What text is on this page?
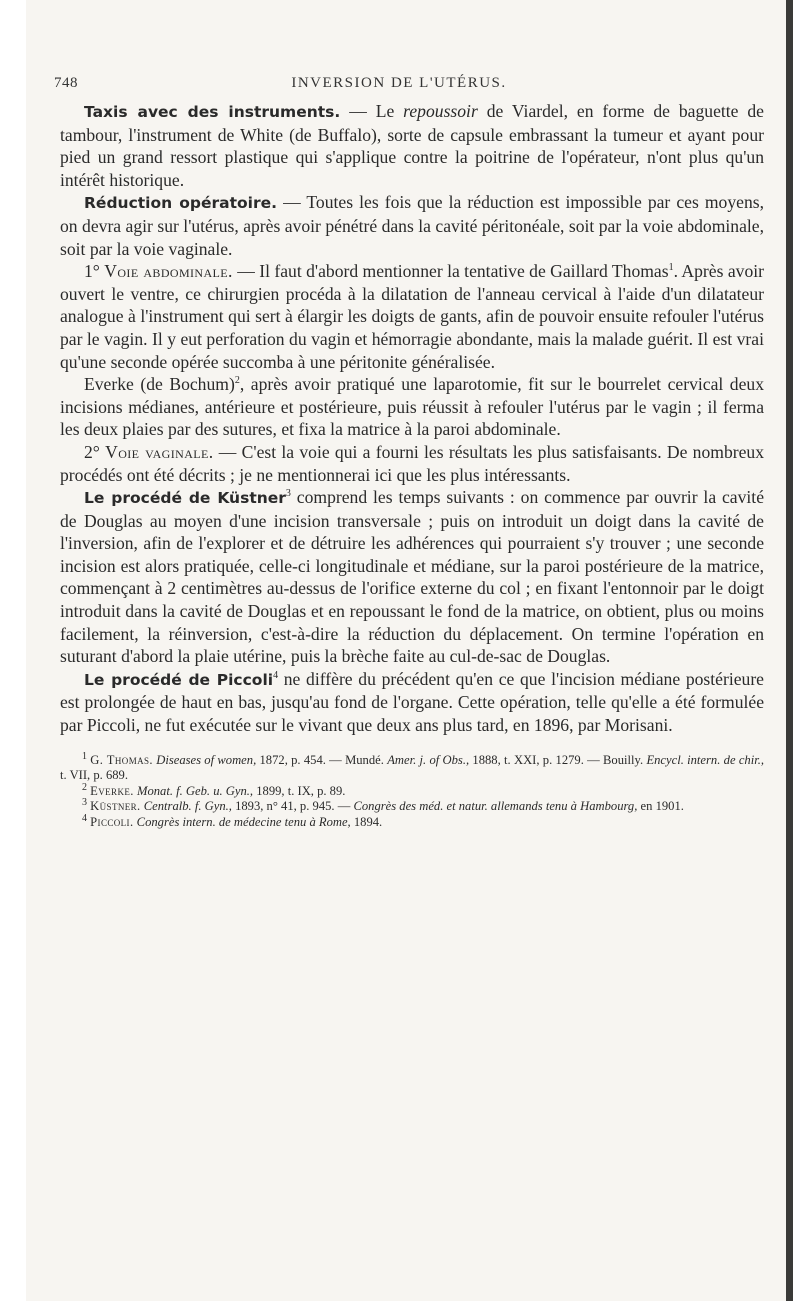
748	INVERSION DE L'UTÉRUS.

Taxis avec des instruments. — Le repoussoir de Viardel, en forme de baguette de tambour, l'instrument de White (de Buffalo), sorte de capsule embrassant la tumeur et ayant pour pied un grand ressort plastique qui s'applique contre la poitrine de l'opérateur, n'ont plus qu'un intérêt historique.

Réduction opératoire. — Toutes les fois que la réduction est impossible par ces moyens, on devra agir sur l'utérus, après avoir pénétré dans la cavité péritonéale, soit par la voie abdominale, soit par la voie vaginale.

1° Voie abdominale. — Il faut d'abord mentionner la tentative de Gaillard Thomas$^1$. Après avoir ouvert le ventre, ce chirurgien procéda à la dilatation de l'anneau cervical à l'aide d'un dilatateur analogue à l'instrument qui sert à élargir les doigts de gants, afin de pouvoir ensuite refouler l'utérus par le vagin. Il y eut perforation du vagin et hémorragie abondante, mais la malade guérit. Il est vrai qu'une seconde opérée succomba à une péritonite généralisée.

Everke (de Bochum)$^2$, après avoir pratiqué une laparotomie, fit sur le bourrelet cervical deux incisions médianes, antérieure et postérieure, puis réussit à refouler l'utérus par le vagin ; il ferma les deux plaies par des sutures, et fixa la matrice à la paroi abdominale.

2° Voie vaginale. — C'est la voie qui a fourni les résultats les plus satisfaisants. De nombreux procédés ont été décrits ; je ne mentionnerai ici que les plus intéressants.

Le procédé de Küstner$^3$ comprend les temps suivants : on commence par ouvrir la cavité de Douglas au moyen d'une incision transversale ; puis on introduit un doigt dans la cavité de l'inversion, afin de l'explorer et de détruire les adhérences qui pourraient s'y trouver ; une seconde incision est alors pratiquée, celle-ci longitudinale et médiane, sur la paroi postérieure de la matrice, commençant à 2 centimètres au-dessus de l'orifice externe du col ; en fixant l'entonnoir par le doigt introduit dans la cavité de Douglas et en repoussant le fond de la matrice, on obtient, plus ou moins facilement, la réinversion, c'est-à-dire la réduction du déplacement. On termine l'opération en suturant d'abord la plaie utérine, puis la brèche faite au cul-de-sac de Douglas.

Le procédé de Piccoli$^4$ ne diffère du précédent qu'en ce que l'incision médiane postérieure est prolongée de haut en bas, jusqu'au fond de l'organe. Cette opération, telle qu'elle a été formulée par Piccoli, ne fut exécutée sur le vivant que deux ans plus tard, en 1896, par Morisani.

$^1$ G. Thomas. Diseases of women, 1872, p. 454. — Mundé. Amer. j. of Obs., 1888, t. XXI, p. 1279. — Bouilly. Encycl. intern. de chir., t. VII, p. 689.

$^2$ Everke. Monat. f. Geb. u. Gyn., 1899, t. IX, p. 89.

$^3$ Küstner. Centralb. f. Gyn., 1893, n° 41, p. 945. — Congrès des méd. et natur. allemands tenu à Hambourg, en 1901.

$^4$ Piccoli. Congrès intern. de médecine tenu à Rome, 1894.
